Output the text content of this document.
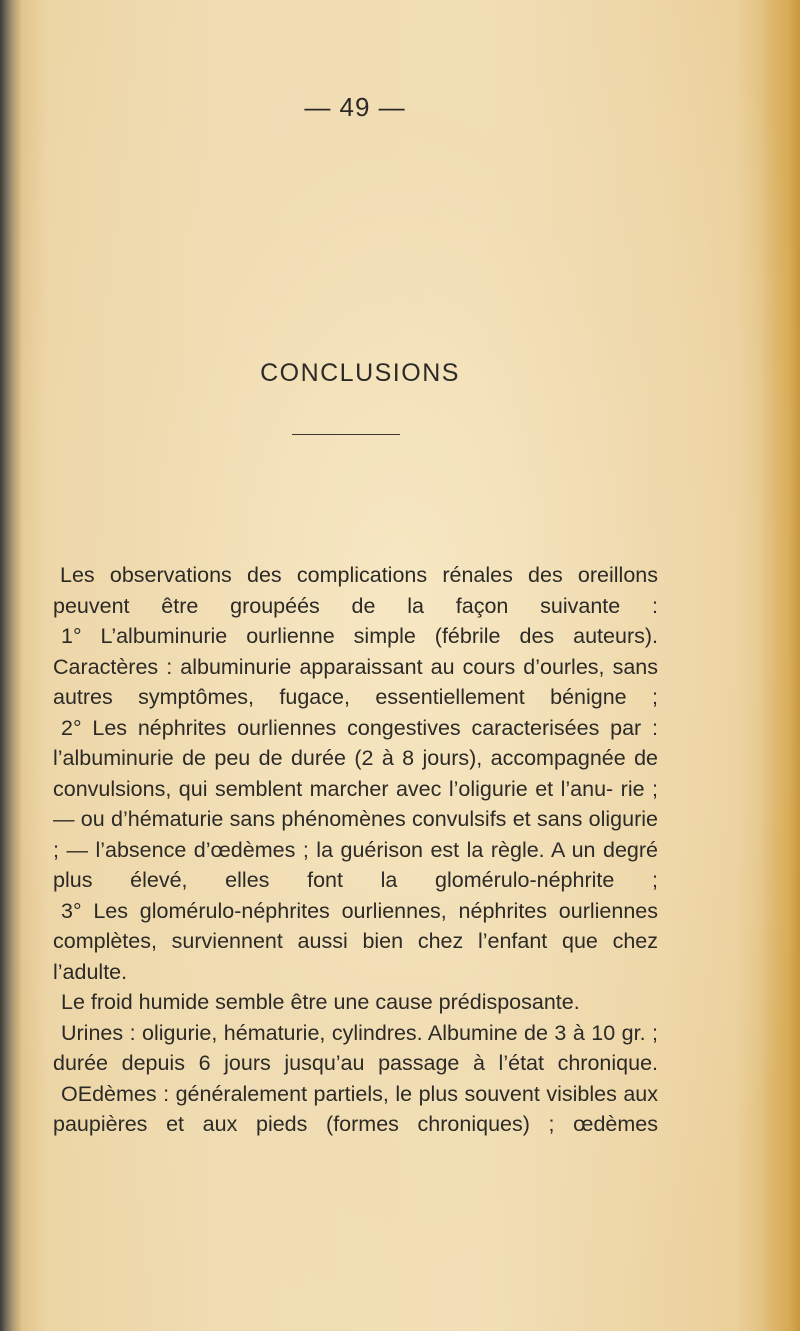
— 49 —
CONCLUSIONS

Les observations des complications rénales des oreillons peuvent être groupéés de la façon suivante :

1° L’albuminurie ourlienne simple (fébrile des auteurs). Caractères : albuminurie apparaissant au cours d’ourles, sans autres symptômes, fugace, essentiellement bénigne ;

2° Les néphrites ourliennes congestives caracterisées par : l’albuminurie de peu de durée (2 à 8 jours), accompagnée de convulsions, qui semblent marcher avec l’oligurie et l’anu- rie ; — ou d’hématurie sans phénomènes convulsifs et sans oligurie ; — l’absence d’œdèmes ; la guérison est la règle. A un degré plus élevé, elles font la glomérulo-néphrite ;

3° Les glomérulo-néphrites ourliennes, néphrites ourliennes complètes, surviennent aussi bien chez l’enfant que chez l’adulte.

Le froid humide semble être une cause prédisposante.

Urines : oligurie, hématurie, cylindres. Albumine de 3 à 10 gr. ; durée depuis 6 jours jusqu’au passage à l’état chronique.

OEdèmes : généralement partiels, le plus souvent visibles aux paupières et aux pieds (formes chroniques) ; œdèmes
